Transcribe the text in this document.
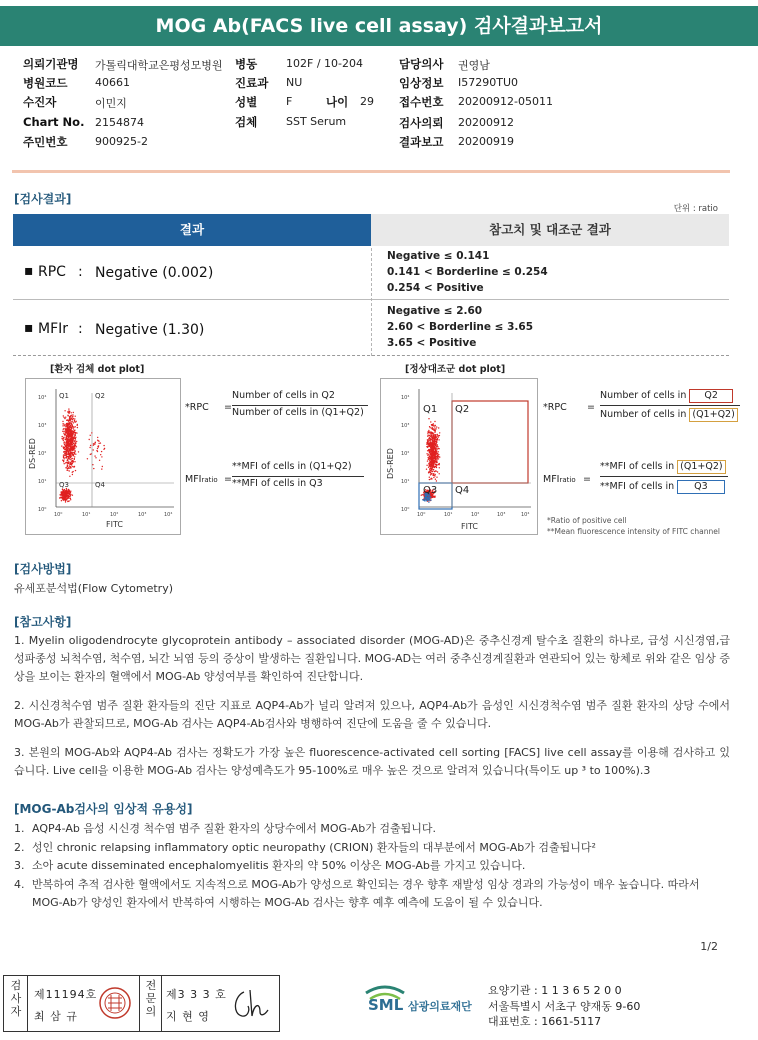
MOG Ab(FACS live cell assay) 검사결과보고서
의뢰기관명 가톨릭대학교은평성모병원 병동	102F / 10-204	담당의사 권영남
병원코드	40661	진료과 NU	임상정보 I57290TU0
수진자	이민지	성별	F	나이 29 접수번호 20200912-05011
Chart No. 2154874	검체	SST Serum	검사의뢰 20200912
주민번호	900925-2	결과보고 20200919
[검사결과]
단위 : ratio
결과	참고치 및 대조군 결과
▪ RPC : Negative (0.002)
Negative ≤ 0.141
0.141 < Borderline ≤ 0.254
0.254 < Positive
▪ MFIr : Negative (1.30)
Negative ≤ 2.60
2.60 < Borderline ≤ 3.65
3.65 < Positive
[환자 검체 dot plot]	[정상대조군 dot plot]
Q1	Q2
Q3	Q4
10⁰
10¹
10²
10³
10⁴
10⁰	10¹	10²	10³	10⁴
FITC
DS-RED
Q1 Q2
Q3 Q4
10⁰
10¹
10²
10³
10⁴
10⁰	10¹	10²	10³	10⁴
FITC
DS-RED
*RPC =
Number of cells in Q2
Number of cells in (Q1+Q2)
MFIratio =
**MFI of cells in (Q1+Q2)
**MFI of cells in Q3
*RPC =
Number of cells in Q2
Number of cells in (Q1+Q2)
MFIratio =
**MFI of cells in (Q1+Q2)
**MFI of cells in Q3
*Ratio of positive cell
**Mean fluorescence intensity of FITC channel
[검사방법]
유세포분석법(Flow Cytometry)
[참고사항]
1. Myelin oligodendrocyte glycoprotein antibody – associated disorder (MOG-AD)은 중추신경계 탈수초 질환의 하나로, 급성 시신경염,급성파종성 뇌척수염, 척수염, 뇌간 뇌염 등의 증상이 발생하는 질환입니다. MOG-AD는 여러 중추신경계질환과 연관되어 있는 항체로 위와 같은 임상 증상을 보이는 환자의 혈액에서 MOG-Ab 양성여부를 확인하여 진단합니다.
2. 시신경척수염 범주 질환 환자들의 진단 지표로 AQP4-Ab가 널리 알려져 있으나, AQP4-Ab가 음성인 시신경척수염 범주 질환 환자의 상당 수에서 MOG-Ab가 관찰되므로, MOG-Ab 검사는 AQP4-Ab검사와 병행하여 진단에 도움을 줄 수 있습니다.
3. 본원의 MOG-Ab와 AQP4-Ab 검사는 정확도가 가장 높은 fluorescence-activated cell sorting [FACS] live cell assay를 이용해 검사하고 있습니다. Live cell을 이용한 MOG-Ab 검사는 양성예측도가 95-100%로 매우 높은 것으로 알려져 있습니다(특이도 up ³ to 100%).3
[MOG-Ab검사의 임상적 유용성]
1. AQP4-Ab 음성 시신경 척수염 범주 질환 환자의 상당수에서 MOG-Ab가 검출됩니다.
2. 성인 chronic relapsing inflammatory optic neuropathy (CRION) 환자들의 대부분에서 MOG-Ab가 검출됩니다²
3. 소아 acute disseminated encephalomyelitis 환자의 약 50% 이상은 MOG-Ab를 가지고 있습니다.
4. 반복하여 추적 검사한 혈액에서도 지속적으로 MOG-Ab가 양성으로 확인되는 경우 향후 재발성 임상 경과의 가능성이 매우 높습니다. 따라서 MOG-Ab가 양성인 환자에서 반복하여 시행하는 MOG-Ab 검사는 향후 예후 예측에 도움이 될 수 있습니다.
1/2
검사자
제11194호
최 삼 규
전문의
제3 3 3 호
지 현 영
SML 삼광의료재단
요양기관 : 1 1 3 6 5 2 0 0
서울특별시 서초구 양재동 9-60
대표번호 : 1661-5117
